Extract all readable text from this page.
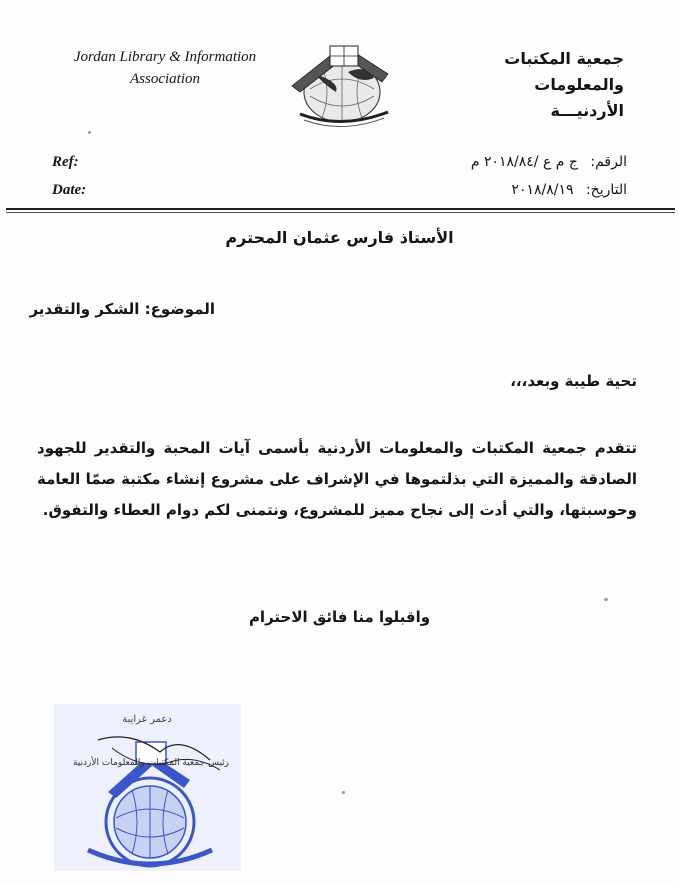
Jordan Library & Information
Association
جمعية المكتبات والمعلومات
الأردنيـــة
Ref:
Date:
الرقم: ج م ع /٢٠١٨/٨٤ م
التاريخ: ٢٠١٨/٨/١٩
الأستاذ فارس عثمان المحترم
الموضوع: الشكر والتقدير
تحية طيبة وبعد،،،
تتقدم جمعية المكتبات والمعلومات الأردنية بأسمى آيات المحبة والتقدير للجهود
الصادقة والمميزة التي بذلتموها في الإشراف على مشروع إنشاء مكتبة صمّا العامة
وحوسبتها، والتي أدت إلى نجاح مميز للمشروع، ونتمنى لكم دوام العطاء والتفوق.
واقبلوا منا فائق الاحترام
دعمر غرايبة
رئيس جمعية المكتبات والمعلومات الأردنية
